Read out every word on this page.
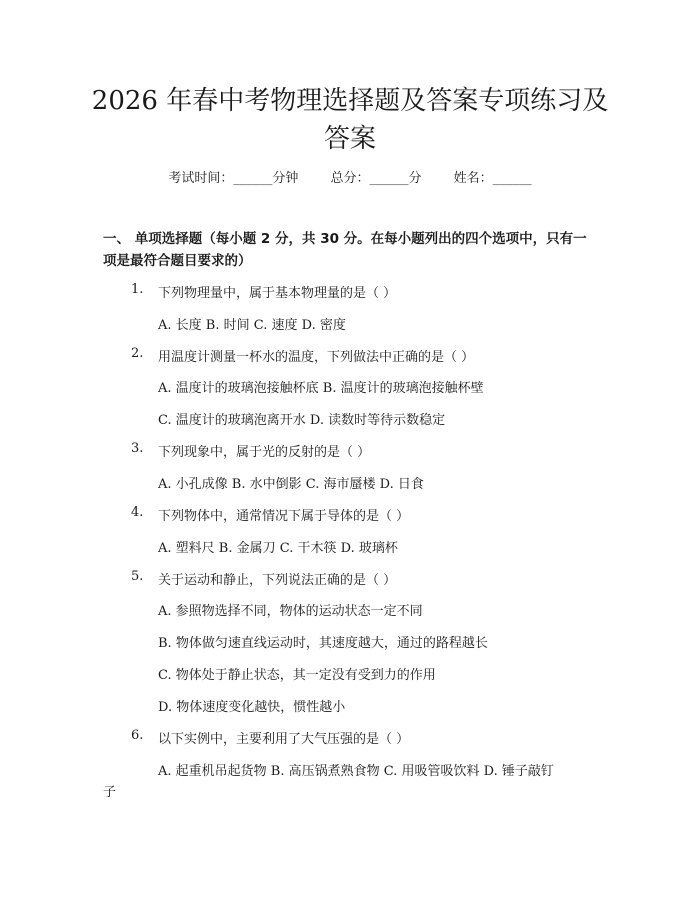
2026 年春中考物理选择题及答案专项练习及
答案
考试时间：______分钟 总分：______分 姓名：______
一、 单项选择题（每小题 2 分，共 30 分。在每小题列出的四个选项中，只有一
项是最符合题目要求的）
1. 下列物理量中，属于基本物理量的是（ ）
A. 长度 B. 时间 C. 速度 D. 密度
2. 用温度计测量一杯水的温度，下列做法中正确的是（ ）
A. 温度计的玻璃泡接触杯底 B. 温度计的玻璃泡接触杯壁
C. 温度计的玻璃泡离开水 D. 读数时等待示数稳定
3. 下列现象中，属于光的反射的是（ ）
A. 小孔成像 B. 水中倒影 C. 海市蜃楼 D. 日食
4. 下列物体中，通常情况下属于导体的是（ ）
A. 塑料尺 B. 金属刀 C. 干木筷 D. 玻璃杯
5. 关于运动和静止，下列说法正确的是（ ）
A. 参照物选择不同，物体的运动状态一定不同
B. 物体做匀速直线运动时，其速度越大，通过的路程越长
C. 物体处于静止状态，其一定没有受到力的作用
D. 物体速度变化越快，惯性越小
6. 以下实例中，主要利用了大气压强的是（ ）
A. 起重机吊起货物 B. 高压锅煮熟食物 C. 用吸管吸饮料 D. 锤子敲钉
子
